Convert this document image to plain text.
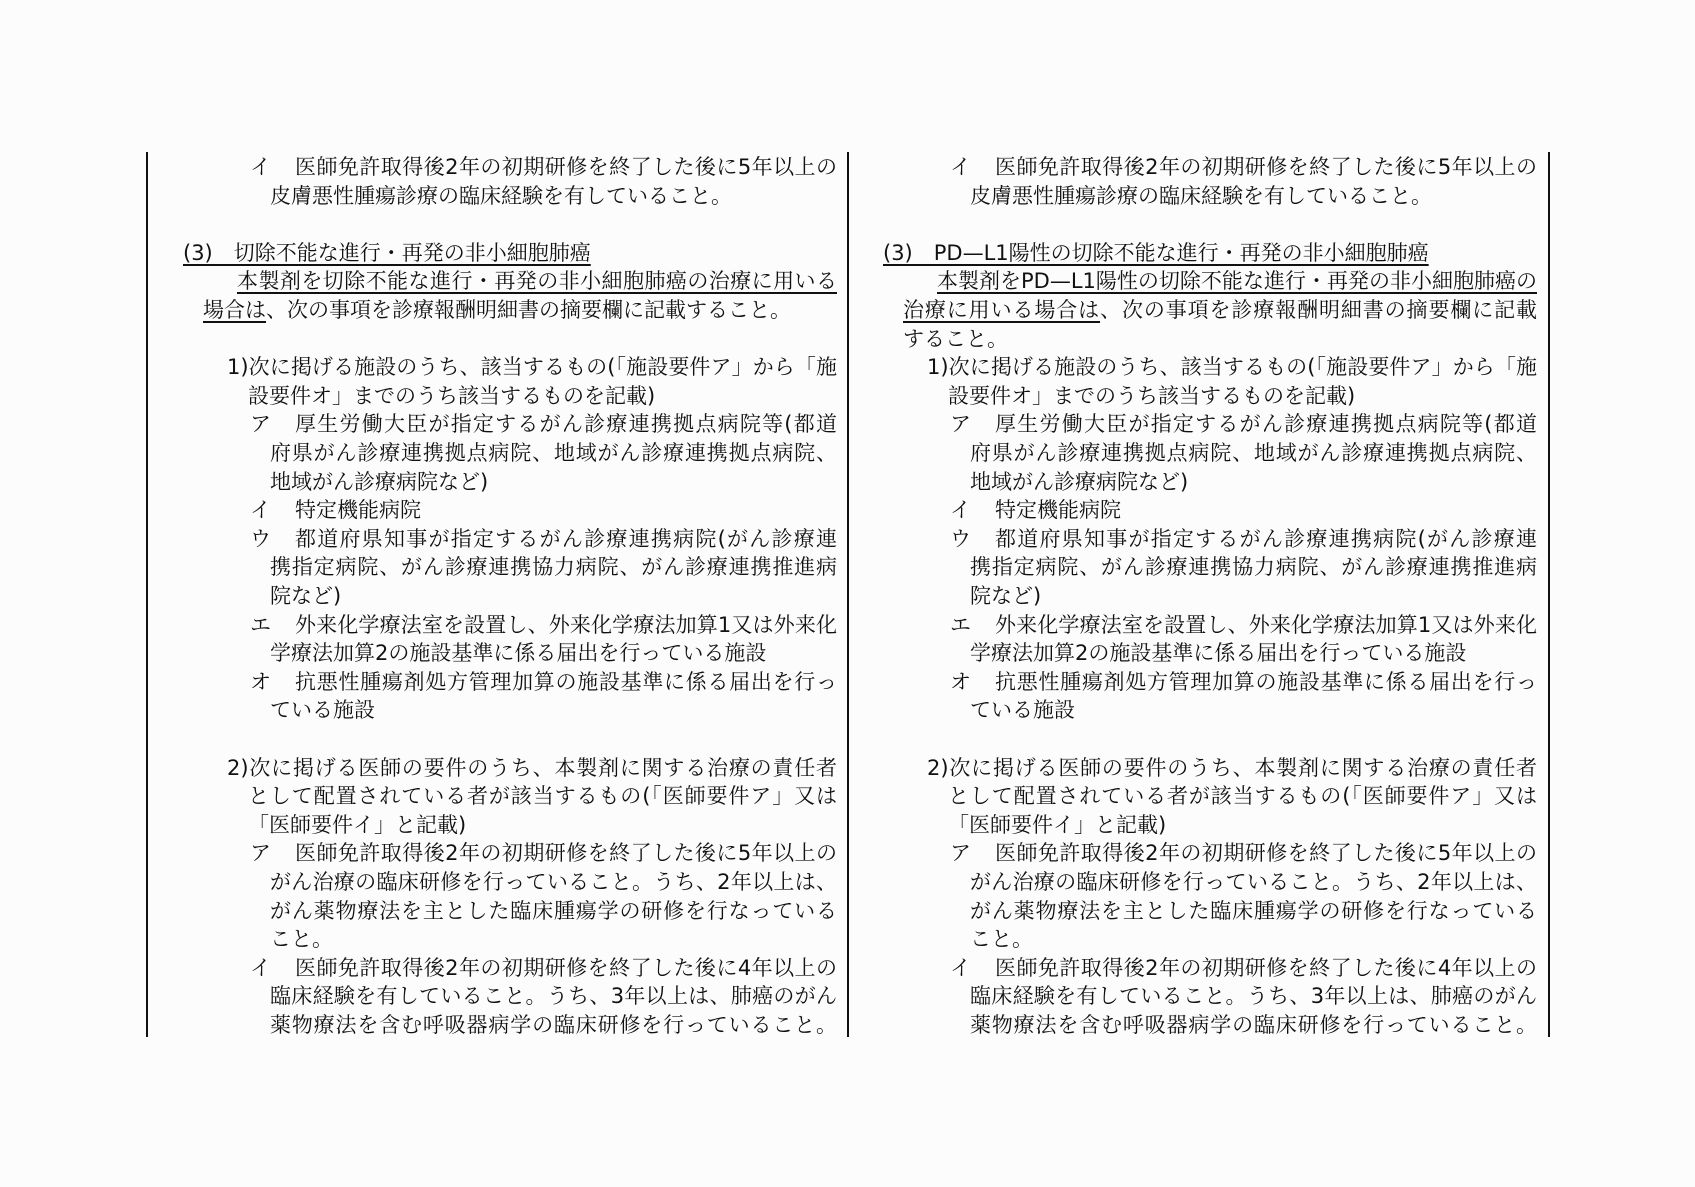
イ 医師免許取得後2年の初期研修を終了した後に5年以上の
皮膚悪性腫瘍診療の臨床経験を有していること。
(3)　切除不能な進行・再発の非小細胞肺癌
本製剤を切除不能な進行・再発の非小細胞肺癌の治療に用いる
場合は、次の事項を診療報酬明細書の摘要欄に記載すること。
1)次に掲げる施設のうち、該当するもの(「施設要件ア」から「施
設要件オ」までのうち該当するものを記載)
ア 厚生労働大臣が指定するがん診療連携拠点病院等(都道
府県がん診療連携拠点病院、地域がん診療連携拠点病院、
地域がん診療病院など)
イ 特定機能病院
ウ 都道府県知事が指定するがん診療連携病院(がん診療連
携指定病院、がん診療連携協力病院、がん診療連携推進病
院など)
エ 外来化学療法室を設置し、外来化学療法加算1又は外来化
学療法加算2の施設基準に係る届出を行っている施設
オ 抗悪性腫瘍剤処方管理加算の施設基準に係る届出を行っ
ている施設
2)次に掲げる医師の要件のうち、本製剤に関する治療の責任者
として配置されている者が該当するもの(「医師要件ア」又は
「医師要件イ」と記載)
ア 医師免許取得後2年の初期研修を終了した後に5年以上の
がん治療の臨床研修を行っていること。うち、2年以上は、
がん薬物療法を主とした臨床腫瘍学の研修を行なっている
こと。
イ 医師免許取得後2年の初期研修を終了した後に4年以上の
臨床経験を有していること。うち、3年以上は、肺癌のがん
薬物療法を含む呼吸器病学の臨床研修を行っていること。
イ 医師免許取得後2年の初期研修を終了した後に5年以上の
皮膚悪性腫瘍診療の臨床経験を有していること。
(3)　PD—L1陽性の切除不能な進行・再発の非小細胞肺癌
本製剤をPD—L1陽性の切除不能な進行・再発の非小細胞肺癌の
治療に用いる場合は、次の事項を診療報酬明細書の摘要欄に記載
すること。
1)次に掲げる施設のうち、該当するもの(「施設要件ア」から「施
設要件オ」までのうち該当するものを記載)
ア 厚生労働大臣が指定するがん診療連携拠点病院等(都道
府県がん診療連携拠点病院、地域がん診療連携拠点病院、
地域がん診療病院など)
イ 特定機能病院
ウ 都道府県知事が指定するがん診療連携病院(がん診療連
携指定病院、がん診療連携協力病院、がん診療連携推進病
院など)
エ 外来化学療法室を設置し、外来化学療法加算1又は外来化
学療法加算2の施設基準に係る届出を行っている施設
オ 抗悪性腫瘍剤処方管理加算の施設基準に係る届出を行っ
ている施設
2)次に掲げる医師の要件のうち、本製剤に関する治療の責任者
として配置されている者が該当するもの(「医師要件ア」又は
「医師要件イ」と記載)
ア 医師免許取得後2年の初期研修を終了した後に5年以上の
がん治療の臨床研修を行っていること。うち、2年以上は、
がん薬物療法を主とした臨床腫瘍学の研修を行なっている
こと。
イ 医師免許取得後2年の初期研修を終了した後に4年以上の
臨床経験を有していること。うち、3年以上は、肺癌のがん
薬物療法を含む呼吸器病学の臨床研修を行っていること。
